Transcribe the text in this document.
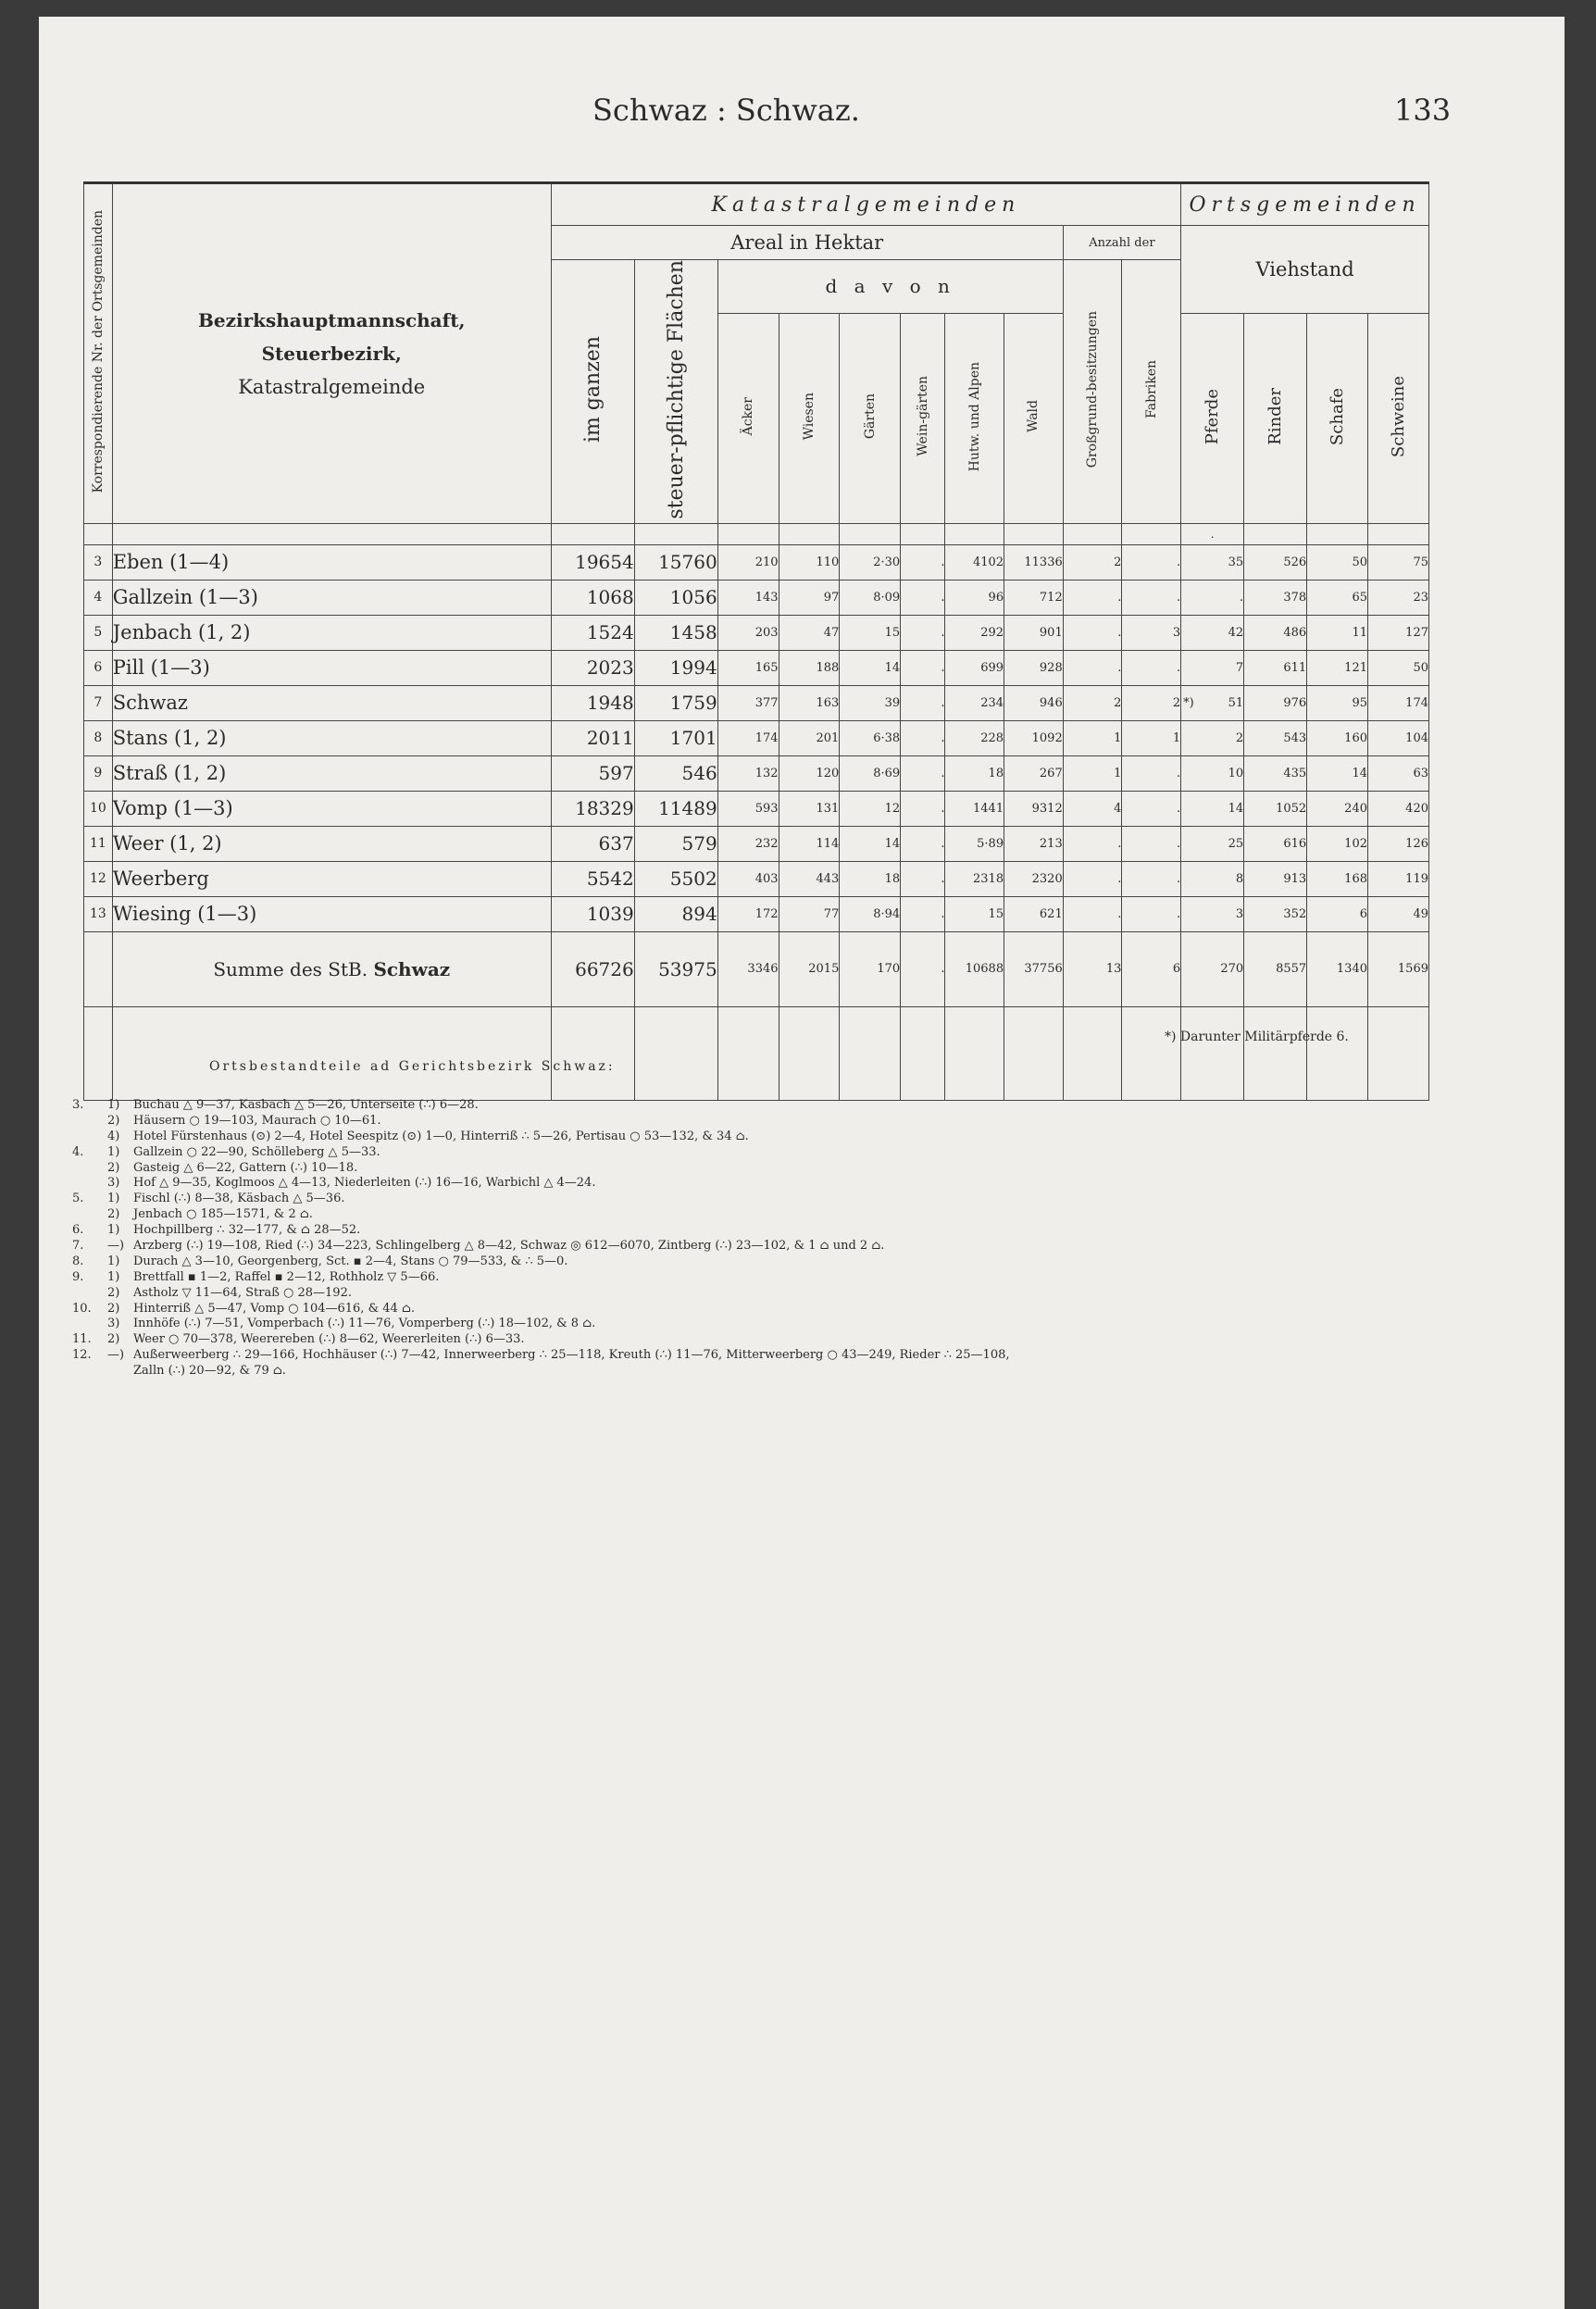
Schwaz : Schwaz.	133
Korrespondierende Nr. der Ortsgemeinden	Bezirkshauptmannschaft,
Steuerbezirk,
Katastralgemeinde	Katastralgemeinden										Ortsgemeinden			
		Areal in Hektar								Anzahl der		Viehstand			
		im ganzen	steuer-pflichtige Flächen	d a v o n						Großgrund-besitzungen	Fabriken				
				Äcker	Wiesen	Gärten	Wein-gärten	Hutw. und Alpen	Wald			Pferde	Rinder	Schafe	Schweine
												.			
3	Eben (1—4)	19654	15760	210	110	2·30	.	4102	11336	2	.	35	526	50	75
4	Gallzein (1—3)	1068	1056	143	97	8·09	.	96	712	.	.	.	378	65	23
5	Jenbach (1, 2)	1524	1458	203	47	15	.	292	901	.	3	42	486	11	127
6	Pill (1—3)	2023	1994	165	188	14	.	699	928	.	.	7	611	121	50
7	Schwaz	1948	1759	377	163	39	.	234	946	2	2	*) 51	976	95	174
8	Stans (1, 2)	2011	1701	174	201	6·38	.	228	1092	1	1	2	543	160	104
9	Straß (1, 2)	597	546	132	120	8·69	.	18	267	1	.	10	435	14	63
10	Vomp (1—3)	18329	11489	593	131	12	.	1441	9312	4	.	14	1052	240	420
11	Weer (1, 2)	637	579	232	114	14	.	5·89	213	.	.	25	616	102	126
12	Weerberg	5542	5502	403	443	18	.	2318	2320	.	.	8	913	168	119
13	Wiesing (1—3)	1039	894	172	77	8·94	.	15	621	.	.	3	352	6	49
	Summe des StB. Schwaz	66726	53975	3346	2015	170	.	10688	37756	13	6	270	8557	1340	1569

*) Darunter Militärpferde 6.
Ortsbestandteile ad Gerichtsbezirk Schwaz:
3.	1)	Buchau △ 9—37, Kasbach △ 5—26, Unterseite (∴) 6—28.
2)	Häusern ○ 19—103, Maurach ○ 10—61.
4)	Hotel Fürstenhaus (⊙) 2—4, Hotel Seespitz (⊙) 1—0, Hinterriß ∴ 5—26, Pertisau ○ 53—132, & 34 ⌂.
4.	1)	Gallzein ○ 22—90, Schölleberg △ 5—33.
2)	Gasteig △ 6—22, Gattern (∴) 10—18.
3)	Hof △ 9—35, Koglmoos △ 4—13, Niederleiten (∴) 16—16, Warbichl △ 4—24.
5.	1)	Fischl (∴) 8—38, Käsbach △ 5—36.
2)	Jenbach ○ 185—1571, & 2 ⌂.
6.	1)	Hochpillberg ∴ 32—177, & ⌂ 28—52.
7.	—) Arzberg (∴) 19—108, Ried (∴) 34—223, Schlingelberg △ 8—42, Schwaz ◎ 612—6070, Zintberg (∴) 23—102, & 1 ⌂ und 2 ⌂.
8.	1)	Durach △ 3—10, Georgenberg, Sct. ▪ 2—4, Stans ○ 79—533, & ∴ 5—0.
9.	1)	Brettfall ▪ 1—2, Raffel ▪ 2—12, Rothholz ▽ 5—66.
2)	Astholz ▽ 11—64, Straß ○ 28—192.
10.	2)	Hinterriß △ 5—47, Vomp ○ 104—616, & 44 ⌂.
3)	Innhöfe (∴) 7—51, Vomperbach (∴) 11—76, Vomperberg (∴) 18—102, & 8 ⌂.
11.	2)	Weer ○ 70—378, Weerereben (∴) 8—62, Weererleiten (∴) 6—33.
12.	—) Außerweerberg ∴ 29—166, Hochhäuser (∴) 7—42, Innerweerberg ∴ 25—118, Kreuth (∴) 11—76, Mitterweerberg ○ 43—249, Rieder ∴ 25—108,
Zalln (∴) 20—92, & 79 ⌂.
